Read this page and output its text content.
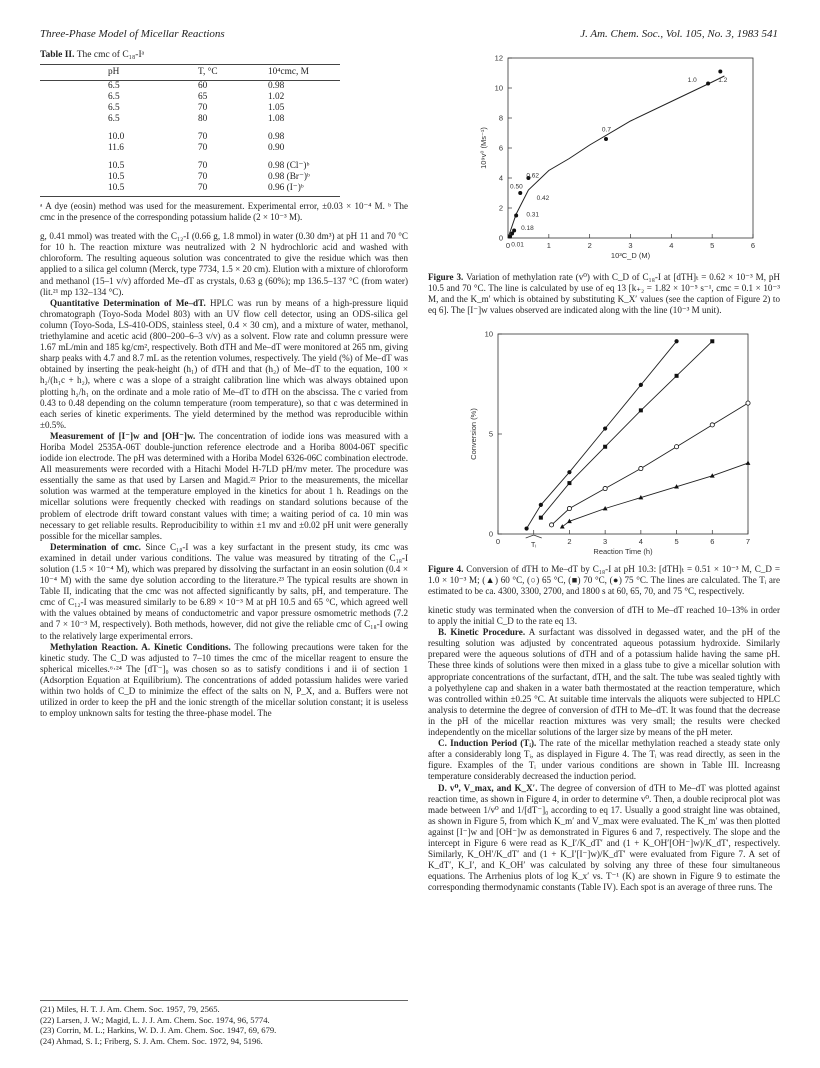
Three-Phase Model of Micellar Reactions	J. Am. Chem. Soc., Vol. 105, No. 3, 1983 541
Table II. The cmc of C₁₈-Iᵃ
pH	T, °C	10⁴cmc, M
6.5	60	0.98
6.5	65	1.02
6.5	70	1.05
6.5	80	1.08
10.0	70	0.98
11.6	70	0.90
10.5	70	0.98 (Cl⁻)ᵇ
10.5	70	0.98 (Br⁻)ᵇ
10.5	70	0.96 (I⁻)ᵇ
ᵃ A dye (eosin) method was used for the measurement. Experimental error, ±0.03 × 10⁻⁴ M. ᵇ The cmc in the presence of the corresponding potassium halide (2 × 10⁻³ M).

g, 0.41 mmol) was treated with the C₁₂-I (0.66 g, 1.8 mmol) in water (0.30 dm³) at pH 11 and 70 °C for 10 h. The reaction mixture was neutralized with 2 N hydrochloric acid and washed with chloroform. The resulting aqueous solution was concentrated to give the residue which was then applied to a silica gel column (Merck, type 7734, 1.5 × 20 cm). Elution with a mixture of chloroform and methanol (15–1 v/v) afforded Me–dT as crystals, 0.63 g (60%); mp 136.5–137 °C (from water) (lit.²¹ mp 132–134 °C).

Quantitative Determination of Me–dT. HPLC was run by means of a high-pressure liquid chromatograph (Toyo-Soda Model 803) with an UV flow cell detector, using an ODS-silica gel column (Toyo-Soda, LS-410-ODS, stainless steel, 0.4 × 30 cm), and a mixture of water, methanol, triethylamine and acetic acid (800–200–6–3 v/v) as a solvent. Flow rate and column pressure were 1.67 mL/min and 185 kg/cm², respectively. Both dTH and Me–dT were monitored at 265 nm, giving sharp peaks with 4.7 and 8.7 mL as the retention volumes, respectively. The yield (%) of Me–dT was obtained by inserting the peak-height (h₁) of dTH and that (h₂) of Me–dT to the equation, 100 × h₂/(h₁c + h₂), where c was a slope of a straight calibration line which was always obtained upon plotting h₂/h₁ on the ordinate and a mole ratio of Me–dT to dTH on the abscissa. The c varied from 0.43 to 0.48 depending on the column temperature (room temperature), so that c was determined in each series of kinetic experiments. The yield determined by the method was reproducible within ±0.5%.

Measurement of [I⁻]w and [OH⁻]w. The concentration of iodide ions was measured with a Horiba Model 2535A-06T double-junction reference electrode and a Horiba 8004-06T specific iodide ion electrode. The pH was determined with a Horiba Model 6326-06C combination electrode. All measurements were recorded with a Hitachi Model H-7LD pH/mv meter. The procedure was essentially the same as that used by Larsen and Magid.²² Prior to the measurements, the micellar solution was warmed at the temperature employed in the kinetics for about 1 h. Readings on the micellar solutions were frequently checked with readings on standard solutions because of the problem of electrode drift toward constant values with time; a waiting period of ca. 10 min was necessary to get reliable results. Reproducibility to within ±1 mv and ±0.02 pH unit were generally possible for the micellar samples.

Determination of cmc. Since C₁₈-I was a key surfactant in the present study, its cmc was examined in detail under various conditions. The value was measured by titrating of the C₁₈-I solution (1.5 × 10⁻⁴ M), which was prepared by dissolving the surfactant in an eosin solution (0.4 × 10⁻⁴ M) with the same dye solution according to the literature.²³ The typical results are shown in Table II, indicating that the cmc was not affected significantly by salts, pH, and temperature. The cmc of C₁₂-I was measured similarly to be 6.89 × 10⁻³ M at pH 10.5 and 65 °C, which agreed well with the values obtained by means of conductometric and vapor pressure osmometric methods (7.2 and 7 × 10⁻³ M, respectively). Both methods, however, did not give the reliable cmc of C₁₈-I owing to the relatively large experimental errors.

Methylation Reaction. A. Kinetic Conditions. The following precautions were taken for the kinetic study. The C_D was adjusted to 7–10 times the cmc of the micellar reagent to ensure the spherical micelles.⁶·²⁴ The [dT⁻]₀ was chosen so as to satisfy conditions i and ii of section 1 (Adsorption Equation at Equilibrium). The concentrations of added potassium halides were varied within two holds of C_D to minimize the effect of the salts on N, P_X, and a. Buffers were not utilized in order to keep the pH and the ionic strength of the micellar solution constant; it is useless to employ unknown salts for testing the three-phase model. The

(21) Miles, H. T. J. Am. Chem. Soc. 1957, 79, 2565.
(22) Larsen, J. W.; Magid, L. J. J. Am. Chem. Soc. 1974, 96, 5774.
(23) Corrin, M. L.; Harkins, W. D. J. Am. Chem. Soc. 1947, 69, 679.
(24) Ahmad, S. I.; Friberg, S. J. Am. Chem. Soc. 1972, 94, 5196.
0	1	2	3	4	5	6
0
2
4
6
8
10
12
10³C_D (M)
10⁹v⁰ (Ms⁻¹)
0.01
0.18
0.31
0.42
0.50
0.62
0.7
1.0	1.2
Figure 3. Variation of methylation rate (v⁰) with C_D of C₁₈-I at [dTH]ₜ = 0.62 × 10⁻³ M, pH 10.5 and 70 °C. The line is calculated by use of eq 13 [k₊₂ = 1.82 × 10⁻⁵ s⁻¹, cmc = 0.1 × 10⁻³ M, and the K_m′ which is obtained by substituting K_X′ values (see the caption of Figure 2) to eq 6]. The [I⁻]w values observed are indicated along with the line (10⁻³ M unit).
0	2	3	4	5	6	7
0
5
10
Reaction Time (h)
Conversion (%)
Tᵢ
Figure 4. Conversion of dTH to Me–dT by C₁₈-I at pH 10.3: [dTH]ₜ = 0.51 × 10⁻³ M, C_D = 1.0 × 10⁻³ M; (▲) 60 °C, (○) 65 °C, (■) 70 °C, (●) 75 °C. The lines are calculated. The Tᵢ are estimated to be ca. 4300, 3300, 2700, and 1800 s at 60, 65, 70, and 75 °C, respectively.

kinetic study was terminated when the conversion of dTH to Me–dT reached 10–13% in order to apply the initial C_D to the rate eq 13.

B. Kinetic Procedure. A surfactant was dissolved in degassed water, and the pH of the resulting solution was adjusted by concentrated aqueous potassium hydroxide. Similarly prepared were the aqueous solutions of dTH and of a potassium halide having the same pH. These three kinds of solutions were then mixed in a glass tube to give a micellar solution with appropriate concentrations of the surfactant, dTH, and the salt. The tube was sealed tightly with a polyethylene cap and shaken in a water bath thermostated at the reaction temperature, which was controlled within ±0.25 °C. At suitable time intervals the aliquots were subjected to HPLC analysis to determine the degree of conversion of dTH to Me–dT. It was found that the decrease in the pH of the micellar reaction mixtures was very small; the results were checked independently on the micellar solutions of the larger size by means of the pH meter.

C. Induction Period (Tᵢ). The rate of the micellar methylation reached a steady state only after a considerably long Tᵢ, as displayed in Figure 4. The Tᵢ was read directly, as seen in the figure. Examples of the Tᵢ under various conditions are shown in Table III. Increasng temperature considerably decreased the induction period.

D. v⁰, V_max, and K_X′. The degree of conversion of dTH to Me–dT was plotted against reaction time, as shown in Figure 4, in order to determine v⁰. Then, a double reciprocal plot was made between 1/v⁰ and 1/[dT⁻]₀ according to eq 17. Usually a good straight line was obtained, as shown in Figure 5, from which K_m′ and V_max were evaluated. The K_m′ was then plotted against [I⁻]w and [OH⁻]w as demonstrated in Figures 6 and 7, respectively. The slope and the intercept in Figure 6 were read as K_I′/K_dT′ and (1 + K_OH′[OH⁻]w)/K_dT′, respectively. Similarly, K_OH′/K_dT′ and (1 + K_I′[I⁻]w)/K_dT′ were evaluated from Figure 7. A set of K_dT′, K_I′, and K_OH′ was calculated by solving any three of these four simultaneous equations. The Arrhenius plots of log K_x′ vs. T⁻¹ (K) are shown in Figure 9 to estimate the corresponding thermodynamic constants (Table IV). Each spot is an average of three runs. The
